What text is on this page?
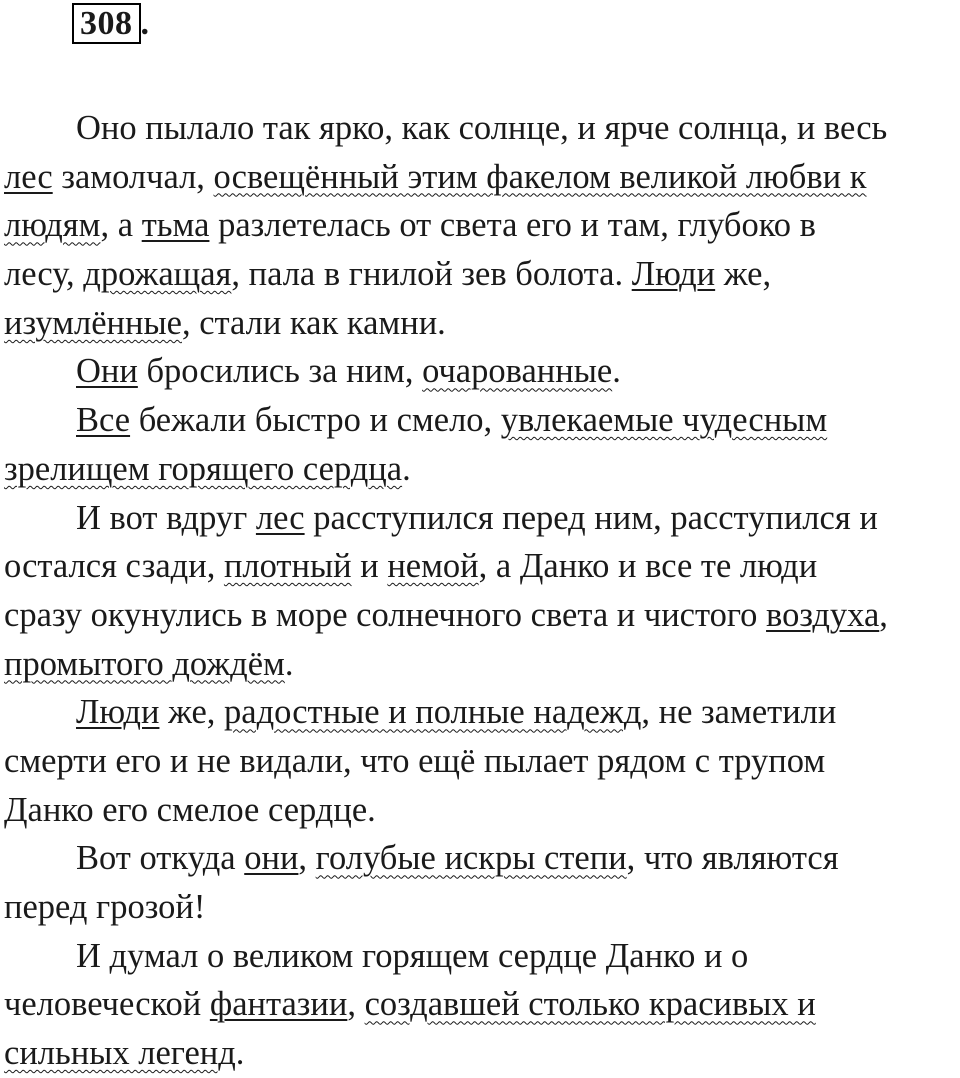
308 .
Оно пылало так ярко, как солнце, и ярче солнца, и весь
лес замолчал, освещённый этим факелом великой любви к
людям, а тьма разлетелась от света его и там, глубоко в
лесу, дрожащая, пала в гнилой зев болота. Люди же,
изумлённые, стали как камни.
Они бросились за ним, очарованные.
Все бежали быстро и смело, увлекаемые чудесным
зрелищем горящего сердца.
И вот вдруг лес расступился перед ним, расступился и
остался сзади, плотный и немой, а Данко и все те люди
сразу окунулись в море солнечного света и чистого воздуха,
промытого дождём.
Люди же, радостные и полные надежд, не заметили
смерти его и не видали, что ещё пылает рядом с трупом
Данко его смелое сердце.
Вот откуда они, голубые искры степи, что являются
перед грозой!
И думал о великом горящем сердце Данко и о
человеческой фантазии, создавшей столько красивых и
сильных легенд.
